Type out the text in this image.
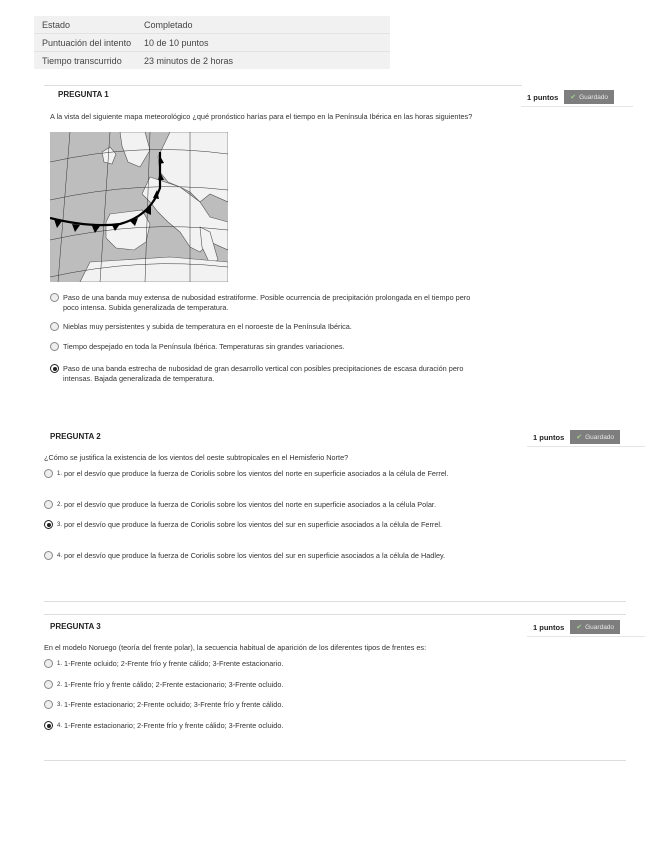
Estado	Completado
Puntuación del intento	10 de 10 puntos
Tiempo transcurrido	23 minutos de 2 horas
PREGUNTA 1	1 puntos	✔ Guardado
A la vista del siguiente mapa meteorológico ¿qué pronóstico harías para el tiempo en la Península Ibérica en las horas siguientes?
Paso de una banda muy extensa de nubosidad estratiforme. Posible ocurrencia de precipitación prolongada en el tiempo pero poco intensa. Subida generalizada de temperatura.
Nieblas muy persistentes y subida de temperatura en el noroeste de la Península Ibérica.
Tiempo despejado en toda la Península Ibérica. Temperaturas sin grandes variaciones.
Paso de una banda estrecha de nubosidad de gran desarrollo vertical con posibles precipitaciones de escasa duración pero intensas. Bajada generalizada de temperatura.
PREGUNTA 2	1 puntos	✔ Guardado
¿Cómo se justifica la existencia de los vientos del oeste subtropicales en el Hemisferio Norte?
1. por el desvío que produce la fuerza de Coriolis sobre los vientos del norte en superficie asociados a la célula de Ferrel.
2. por el desvío que produce la fuerza de Coriolis sobre los vientos del norte en superficie asociados a la célula Polar.
3. por el desvío que produce la fuerza de Coriolis sobre los vientos del sur en superficie asociados a la célula de Ferrel.
4. por el desvío que produce la fuerza de Coriolis sobre los vientos del sur en superficie asociados a la célula de Hadley.
PREGUNTA 3	1 puntos	✔ Guardado
En el modelo Noruego (teoría del frente polar), la secuencia habitual de aparición de los diferentes tipos de frentes es:
1. 1-Frente ocluido; 2-Frente frío y frente cálido; 3-Frente estacionario.
2. 1-Frente frío y frente cálido; 2-Frente estacionario; 3-Frente ocluido.
3. 1-Frente estacionario; 2-Frente ocluido; 3-Frente frío y frente cálido.
4. 1-Frente estacionario; 2-Frente frío y frente cálido; 3-Frente ocluido.
